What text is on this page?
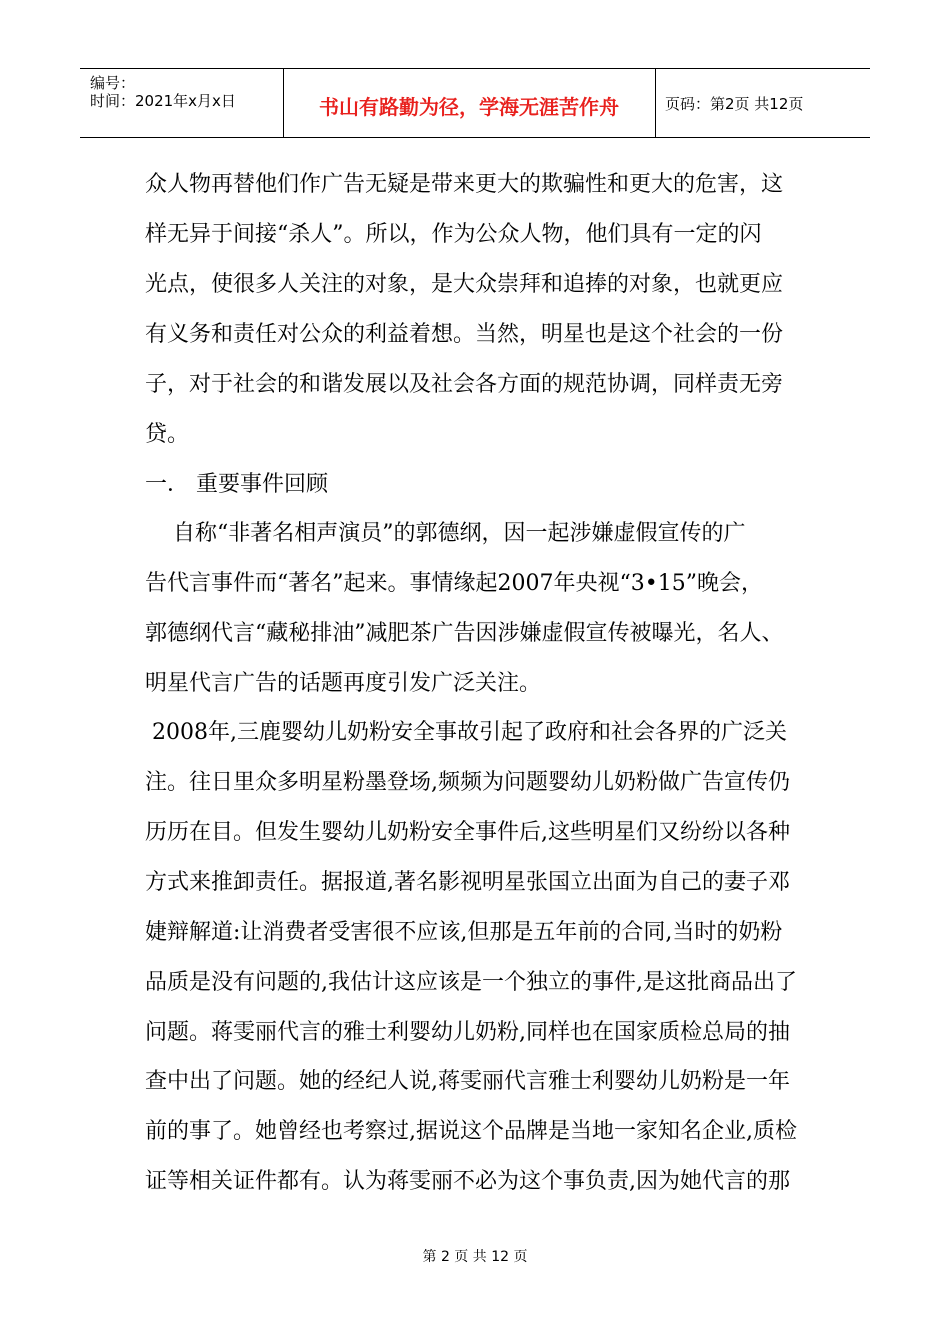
编号：
时间：2021年x月x日	书山有路勤为径，学海无涯苦作舟	页码：第2页 共12页
众人物再替他们作广告无疑是带来更大的欺骗性和更大的危害，这
样无异于间接“杀人”。所以，作为公众人物，他们具有一定的闪
光点，使很多人关注的对象，是大众崇拜和追捧的对象，也就更应
有义务和责任对公众的利益着想。当然，明星也是这个社会的一份
子，对于社会的和谐发展以及社会各方面的规范协调，同样责无旁
贷。
一． 重要事件回顾
自称“非著名相声演员”的郭德纲，因一起涉嫌虚假宣传的广
告代言事件而“著名”起来。事情缘起2007年央视“3•15”晚会，
郭德纲代言“藏秘排油”减肥茶广告因涉嫌虚假宣传被曝光，名人、
明星代言广告的话题再度引发广泛关注。
2008年,三鹿婴幼儿奶粉安全事故引起了政府和社会各界的广泛关
注。往日里众多明星粉墨登场,频频为问题婴幼儿奶粉做广告宣传仍
历历在目。但发生婴幼儿奶粉安全事件后,这些明星们又纷纷以各种
方式来推卸责任。据报道,著名影视明星张国立出面为自己的妻子邓
婕辩解道:让消费者受害很不应该,但那是五年前的合同,当时的奶粉
品质是没有问题的,我估计这应该是一个独立的事件,是这批商品出了
问题。蒋雯丽代言的雅士利婴幼儿奶粉,同样也在国家质检总局的抽
查中出了问题。她的经纪人说,蒋雯丽代言雅士利婴幼儿奶粉是一年
前的事了。她曾经也考察过,据说这个品牌是当地一家知名企业,质检
证等相关证件都有。认为蒋雯丽不必为这个事负责,因为她代言的那
第 2 页 共 12 页
